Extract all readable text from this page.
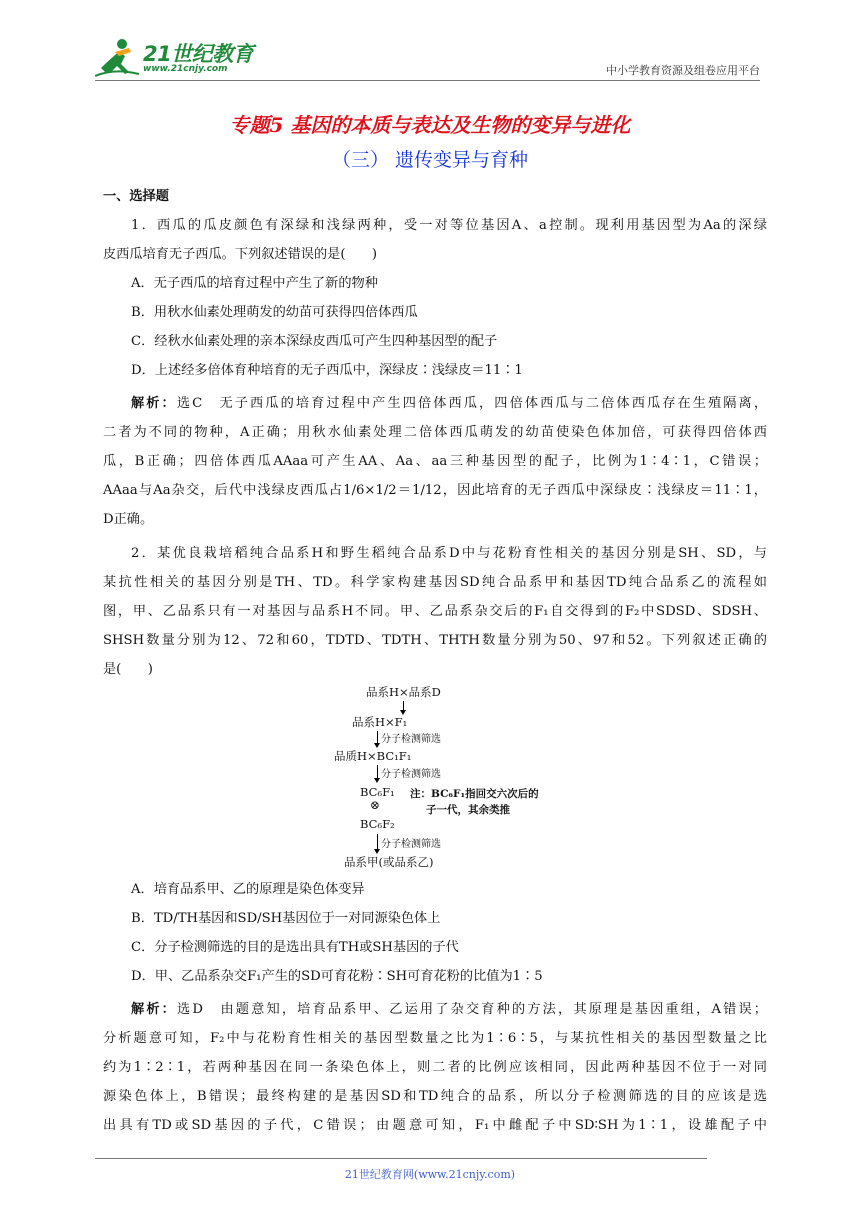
21世纪教育
www.21cnjy.com	中小学教育资源及组卷应用平台
专题5 基因的本质与表达及生物的变异与进化
（三） 遗传变异与育种

一、选择题

1．西瓜的瓜皮颜色有深绿和浅绿两种，受一对等位基因A、a控制。现利用基因型为Aa的深绿

皮西瓜培育无子西瓜。下列叙述错误的是(　　)

A．无子西瓜的培育过程中产生了新的物种

B．用秋水仙素处理萌发的幼苗可获得四倍体西瓜

C．经秋水仙素处理的亲本深绿皮西瓜可产生四种基因型的配子

D．上述经多倍体育种培育的无子西瓜中，深绿皮∶浅绿皮＝11∶1

解析：选C　无子西瓜的培育过程中产生四倍体西瓜，四倍体西瓜与二倍体西瓜存在生殖隔离，

二者为不同的物种，A正确；用秋水仙素处理二倍体西瓜萌发的幼苗使染色体加倍，可获得四倍体西

瓜，B正确；四倍体西瓜AAaa可产生AA、Aa、aa三种基因型的配子，比例为1∶4∶1，C错误；

AAaa与Aa杂交，后代中浅绿皮西瓜占1/6×1/2＝1/12，因此培育的无子西瓜中深绿皮∶浅绿皮＝11∶1，

D正确。

2．某优良栽培稻纯合品系H和野生稻纯合品系D中与花粉育性相关的基因分别是SH、SD，与

某抗性相关的基因分别是TH、TD。科学家构建基因SD纯合品系甲和基因TD纯合品系乙的流程如

图，甲、乙品系只有一对基因与品系H不同。甲、乙品系杂交后的F₁自交得到的F₂中SDSD、SDSH、

SHSH数量分别为12、72和60，TDTD、TDTH、THTH数量分别为50、97和52。下列叙述正确的

是(　　)

品系H×品系D
品系H×F₁
分子检测筛选
品质H×BC₁F₁
分子检测筛选
BC₆F₁ 注：BC₆F₁指回交六次后的
子一代，其余类推
⊗
BC₆F₂
分子检测筛选
品系甲(或品系乙)

A．培育品系甲、乙的原理是染色体变异

B．TD/TH基因和SD/SH基因位于一对同源染色体上

C．分子检测筛选的目的是选出具有TH或SH基因的子代

D．甲、乙品系杂交F₁产生的SD可育花粉∶SH可育花粉的比值为1∶5

解析：选D　由题意知，培育品系甲、乙运用了杂交育种的方法，其原理是基因重组，A错误；

分析题意可知，F₂中与花粉育性相关的基因型数量之比为1∶6∶5，与某抗性相关的基因型数量之比

约为1∶2∶1，若两种基因在同一条染色体上，则二者的比例应该相同，因此两种基因不位于一对同

源染色体上，B错误；最终构建的是基因SD和TD纯合的品系，所以分子检测筛选的目的应该是选

出具有TD或SD基因的子代，C错误；由题意可知，F₁中雌配子中SD∶SH为1∶1，设雄配子中

21世纪教育网(www.21cnjy.com)
